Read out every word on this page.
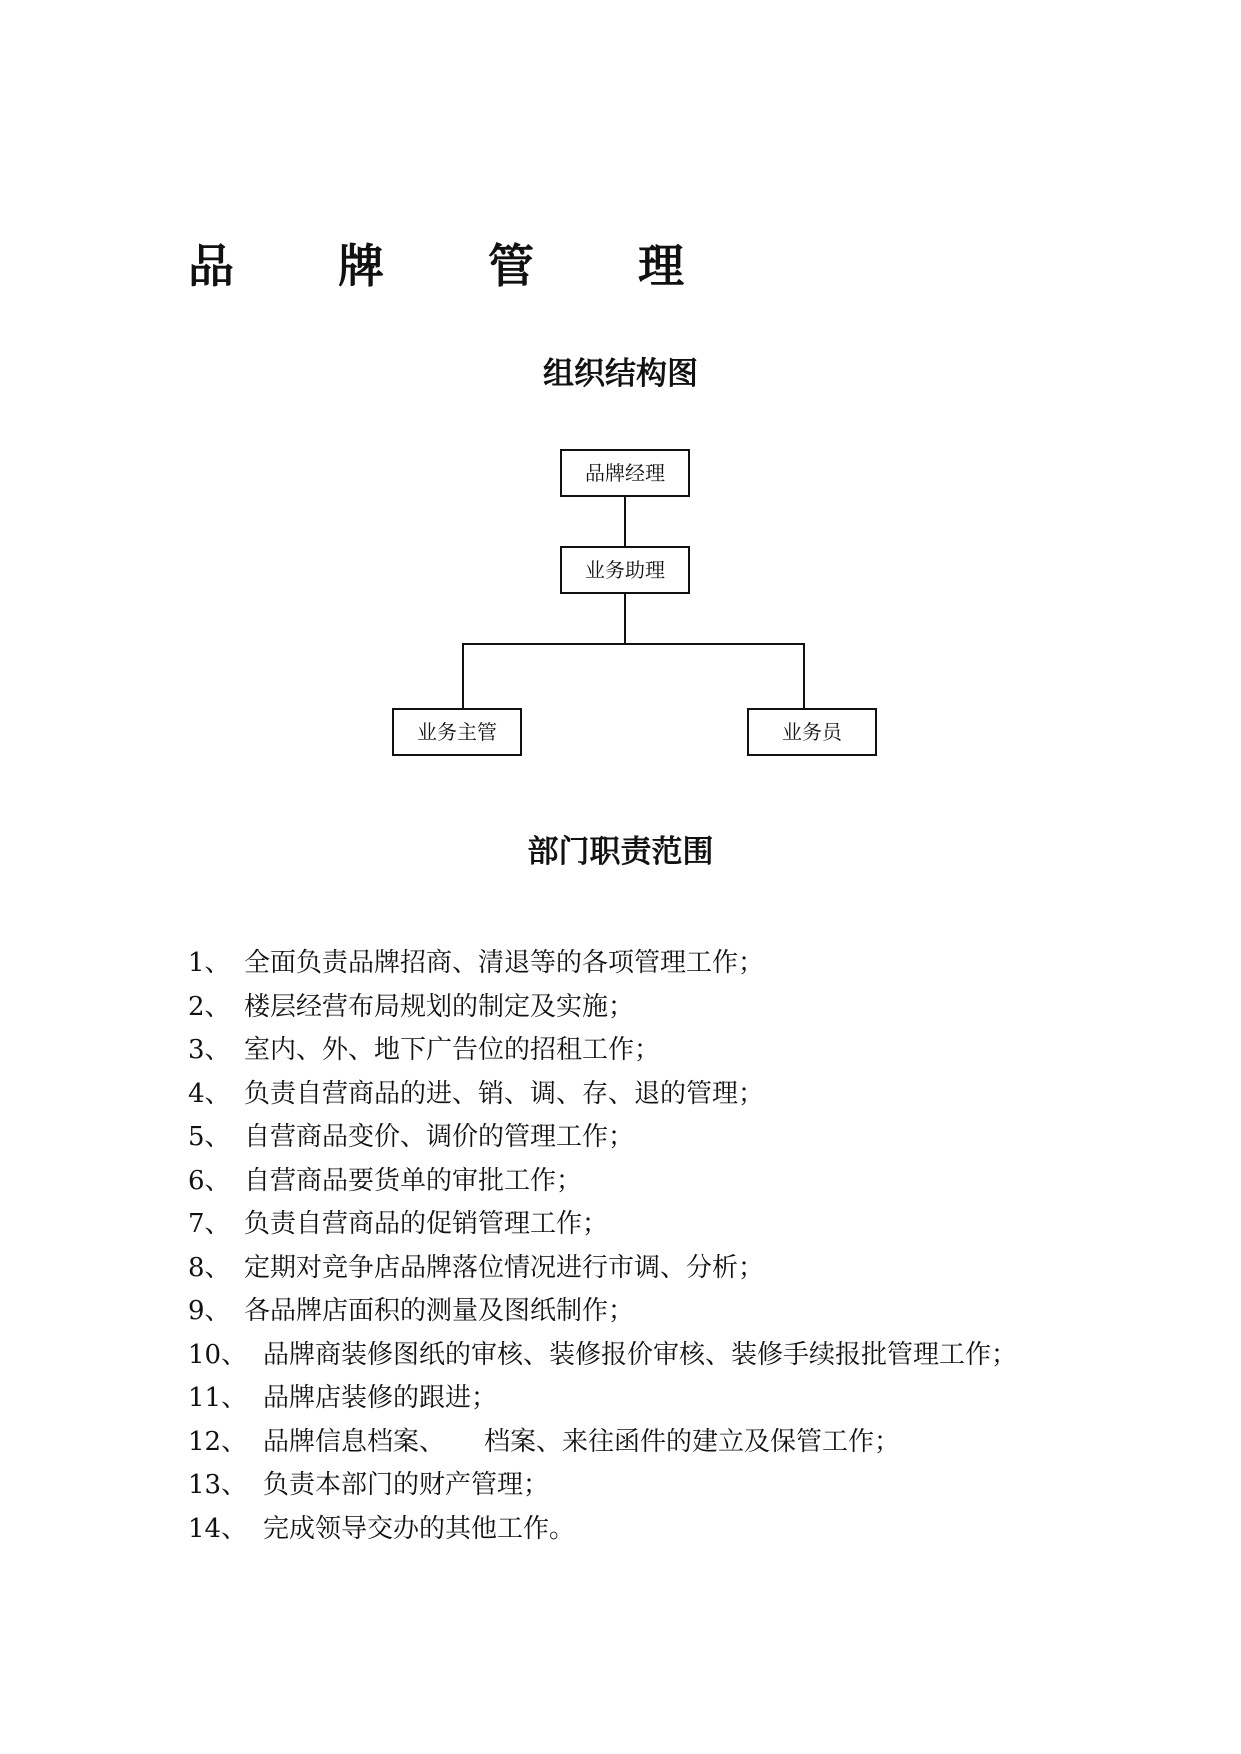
品 牌 管 理
组织结构图
品牌经理
业务助理
业务主管	业务员
部门职责范围
1、 全面负责品牌招商、清退等的各项管理工作；
2、 楼层经营布局规划的制定及实施；
3、 室内、外、地下广告位的招租工作；
4、 负责自营商品的进、销、调、存、退的管理；
5、 自营商品变价、调价的管理工作；
6、 自营商品要货单的审批工作；
7、 负责自营商品的促销管理工作；
8、 定期对竞争店品牌落位情况进行市调、分析；
9、 各品牌店面积的测量及图纸制作；
10、 品牌商装修图纸的审核、装修报价审核、装修手续报批管理工作；
11、 品牌店装修的跟进；
12、 品牌信息档案、　　档案、来往函件的建立及保管工作；
13、 负责本部门的财产管理；
14、 完成领导交办的其他工作。
